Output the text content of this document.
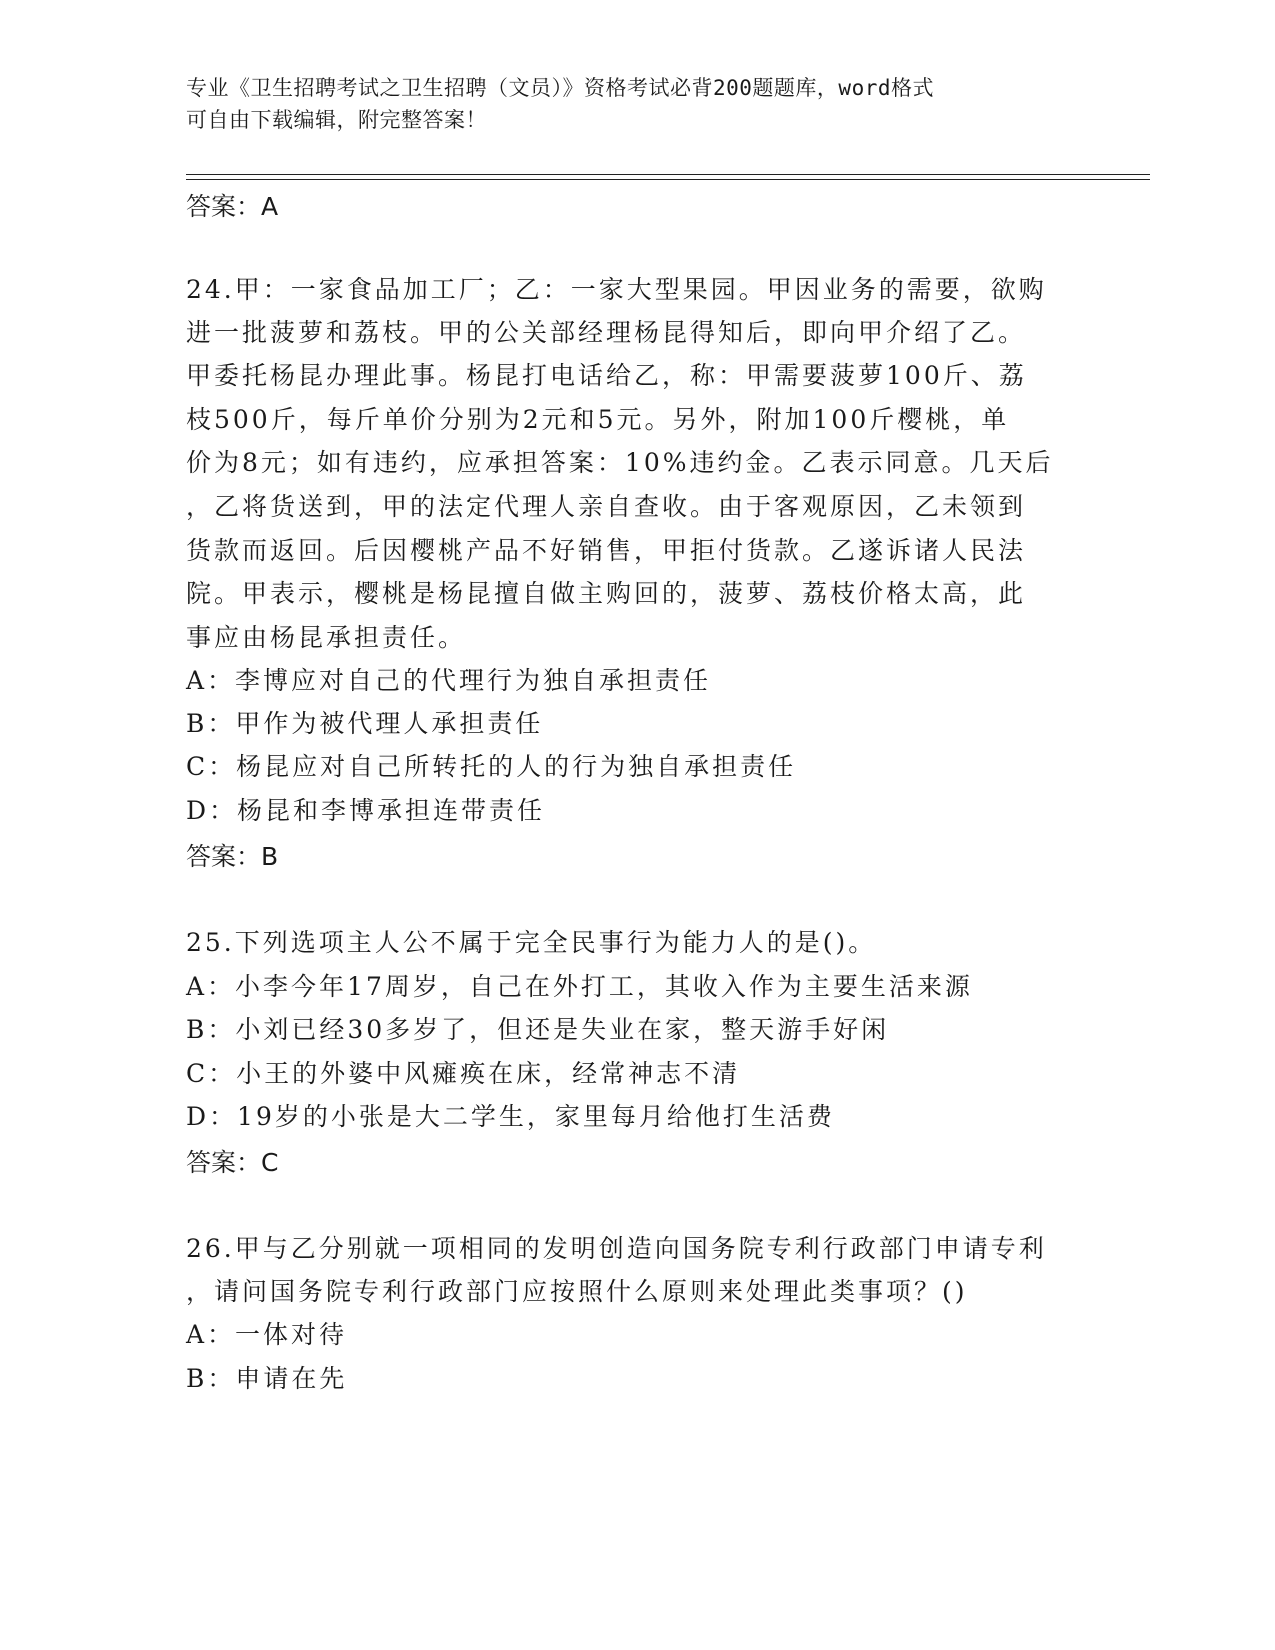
专业《卫生招聘考试之卫生招聘（文员）》资格考试必背200题题库，word格式
可自由下载编辑，附完整答案！
答案：A
24.甲：一家食品加工厂；乙：一家大型果园。甲因业务的需要，欲购
进一批菠萝和荔枝。甲的公关部经理杨昆得知后，即向甲介绍了乙。
甲委托杨昆办理此事。杨昆打电话给乙，称：甲需要菠萝100斤、荔
枝500斤，每斤单价分别为2元和5元。另外，附加100斤樱桃，单
价为8元；如有违约，应承担答案：10%违约金。乙表示同意。几天后
，乙将货送到，甲的法定代理人亲自查收。由于客观原因，乙未领到
货款而返回。后因樱桃产品不好销售，甲拒付货款。乙遂诉诸人民法
院。甲表示，樱桃是杨昆擅自做主购回的，菠萝、荔枝价格太高，此
事应由杨昆承担责任。
A：李博应对自己的代理行为独自承担责任
B：甲作为被代理人承担责任
C：杨昆应对自己所转托的人的行为独自承担责任
D：杨昆和李博承担连带责任
答案：B
25.下列选项主人公不属于完全民事行为能力人的是()。
A：小李今年17周岁，自己在外打工，其收入作为主要生活来源
B：小刘已经30多岁了，但还是失业在家，整天游手好闲
C：小王的外婆中风瘫痪在床，经常神志不清
D：19岁的小张是大二学生，家里每月给他打生活费
答案：C
26.甲与乙分别就一项相同的发明创造向国务院专利行政部门申请专利
，请问国务院专利行政部门应按照什么原则来处理此类事项？()
A：一体对待
B：申请在先
